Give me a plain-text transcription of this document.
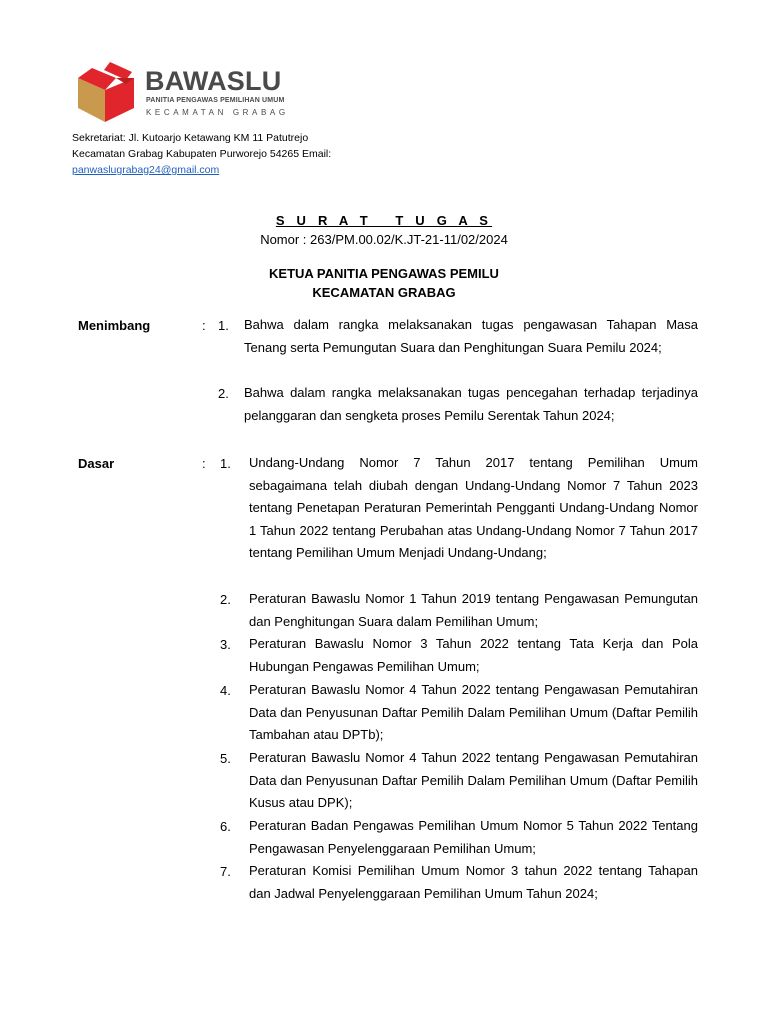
BAWASLU
PANITIA PENGAWAS PEMILIHAN UMUM
KECAMATAN GRABAG
Sekretariat: Jl. Kutoarjo Ketawang KM 11 Patutrejo
Kecamatan Grabag Kabupaten Purworejo 54265 Email:
panwaslugrabag24@gmail.com
S U R A T   T U G A S
Nomor : 263/PM.00.02/K.JT-21-11/02/2024
KETUA PANITIA PENGAWAS PEMILU
KECAMATAN GRABAG
Menimbang	: 1. Bahwa dalam rangka melaksanakan tugas pengawasan Tahapan Masa Tenang serta Pemungutan Suara dan Penghitungan Suara Pemilu 2024;
2. Bahwa dalam rangka melaksanakan tugas pencegahan terhadap terjadinya pelanggaran dan sengketa proses Pemilu Serentak Tahun 2024;
Dasar	: 1. Undang-Undang Nomor 7 Tahun 2017 tentang Pemilihan Umum sebagaimana telah diubah dengan Undang-Undang Nomor 7 Tahun 2023 tentang Penetapan Peraturan Pemerintah Pengganti Undang-Undang Nomor 1 Tahun 2022 tentang Perubahan atas Undang-Undang Nomor 7 Tahun 2017 tentang Pemilihan Umum Menjadi Undang-Undang;
2. Peraturan Bawaslu Nomor 1 Tahun 2019 tentang Pengawasan Pemungutan dan Penghitungan Suara dalam Pemilihan Umum;
3. Peraturan Bawaslu Nomor 3 Tahun 2022 tentang Tata Kerja dan Pola Hubungan Pengawas Pemilihan Umum;
4. Peraturan Bawaslu Nomor 4 Tahun 2022 tentang Pengawasan Pemutahiran Data dan Penyusunan Daftar Pemilih Dalam Pemilihan Umum (Daftar Pemilih Tambahan atau DPTb);
5. Peraturan Bawaslu Nomor 4 Tahun 2022 tentang Pengawasan Pemutahiran Data dan Penyusunan Daftar Pemilih Dalam Pemilihan Umum (Daftar Pemilih Kusus atau DPK);
6. Peraturan Badan Pengawas Pemilihan Umum Nomor 5 Tahun 2022 Tentang Pengawasan Penyelenggaraan Pemilihan Umum;
7. Peraturan Komisi Pemilihan Umum Nomor 3 tahun 2022 tentang Tahapan dan Jadwal Penyelenggaraan Pemilihan Umum Tahun 2024;
